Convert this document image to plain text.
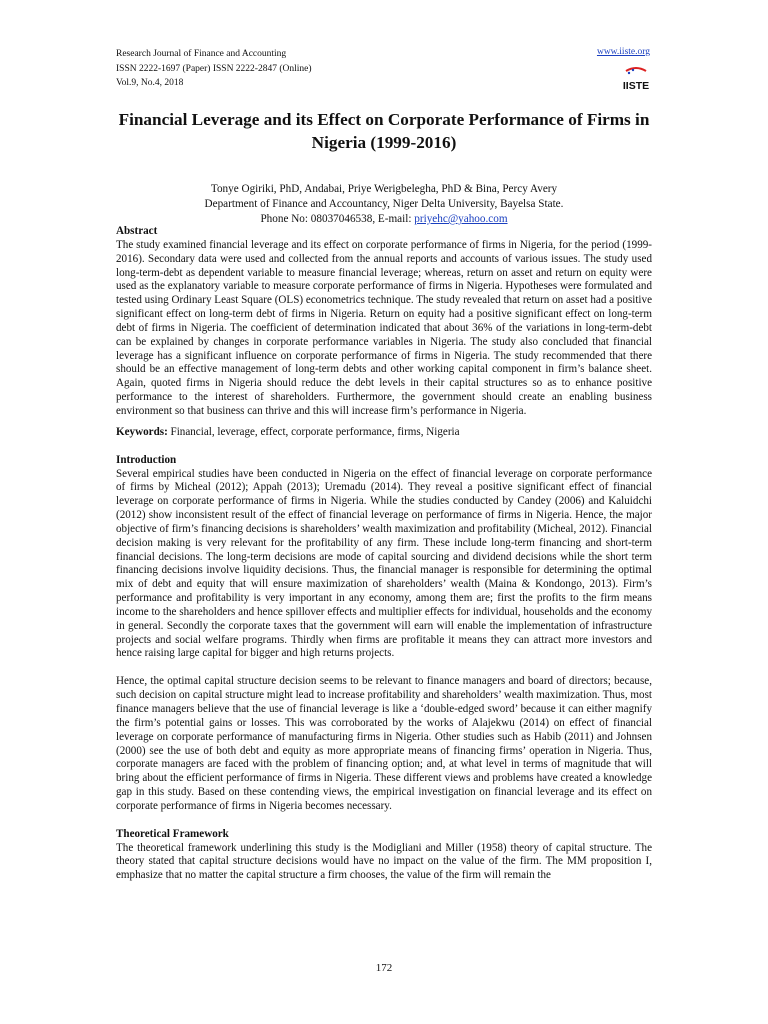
Research Journal of Finance and Accounting
ISSN 2222-1697 (Paper) ISSN 2222-2847 (Online)
Vol.9, No.4, 2018
www.iiste.org
IISTE
Financial Leverage and its Effect on Corporate Performance of Firms in Nigeria (1999-2016)
Tonye Ogiriki, PhD, Andabai, Priye Werigbelegha, PhD & Bina, Percy Avery
Department of Finance and Accountancy, Niger Delta University, Bayelsa State.
Phone No: 08037046538, E-mail: priyehc@yahoo.com
Abstract

The study examined financial leverage and its effect on corporate performance of firms in Nigeria, for the period (1999-2016). Secondary data were used and collected from the annual reports and accounts of various issues. The study used long-term-debt as dependent variable to measure financial leverage; whereas, return on asset and return on equity were used as the explanatory variable to measure corporate performance of firms in Nigeria. Hypotheses were formulated and tested using Ordinary Least Square (OLS) econometrics technique. The study revealed that return on asset had a positive significant effect on long-term debt of firms in Nigeria. Return on equity had a positive significant effect on long-term debt of firms in Nigeria. The coefficient of determination indicated that about 36% of the variations in long-term-debt can be explained by changes in corporate performance variables in Nigeria. The study also concluded that financial leverage has a significant influence on corporate performance of firms in Nigeria. The study recommended that there should be an effective management of long-term debts and other working capital component in firm’s balance sheet. Again, quoted firms in Nigeria should reduce the debt levels in their capital structures so as to enhance positive performance to the interest of shareholders. Furthermore, the government should create an enabling business environment so that business can thrive and this will increase firm’s performance in Nigeria.

Keywords: Financial, leverage, effect, corporate performance, firms, Nigeria

Introduction

Several empirical studies have been conducted in Nigeria on the effect of financial leverage on corporate performance of firms by Micheal (2012); Appah (2013); Uremadu (2014). They reveal a positive significant effect of financial leverage on corporate performance of firms in Nigeria. While the studies conducted by Candey (2006) and Kaluidchi (2012) show inconsistent result of the effect of financial leverage on performance of firms in Nigeria. Hence, the major objective of firm’s financing decisions is shareholders’ wealth maximization and profitability (Micheal, 2012). Financial decision making is very relevant for the profitability of any firm. These include long-term financing and short-term financial decisions. The long-term decisions are mode of capital sourcing and dividend decisions while the short term financing decisions involve liquidity decisions. Thus, the financial manager is responsible for determining the optimal mix of debt and equity that will ensure maximization of shareholders’ wealth (Maina & Kondongo, 2013). Firm’s performance and profitability is very important in any economy, among them are; first the profits to the firm means income to the shareholders and hence spillover effects and multiplier effects for individual, households and the economy in general. Secondly the corporate taxes that the government will earn will enable the implementation of infrastructure projects and social welfare programs. Thirdly when firms are profitable it means they can attract more investors and hence raising large capital for bigger and high returns projects.

Hence, the optimal capital structure decision seems to be relevant to finance managers and board of directors; because, such decision on capital structure might lead to increase profitability and shareholders’ wealth maximization. Thus, most finance managers believe that the use of financial leverage is like a ‘double-edged sword’ because it can either magnify the firm’s potential gains or losses. This was corroborated by the works of Alajekwu (2014) on effect of financial leverage on corporate performance of manufacturing firms in Nigeria. Other studies such as Habib (2011) and Johnsen (2000) see the use of both debt and equity as more appropriate means of financing firms’ operation in Nigeria. Thus, corporate managers are faced with the problem of financing option; and, at what level in terms of magnitude that will bring about the efficient performance of firms in Nigeria. These different views and problems have created a knowledge gap in this study. Based on these contending views, the empirical investigation on financial leverage and its effect on corporate performance of firms in Nigeria becomes necessary.

Theoretical Framework

The theoretical framework underlining this study is the Modigliani and Miller (1958) theory of capital structure. The theory stated that capital structure decisions would have no impact on the value of the firm. The MM proposition I, emphasize that no matter the capital structure a firm chooses, the value of the firm will remain the

172
